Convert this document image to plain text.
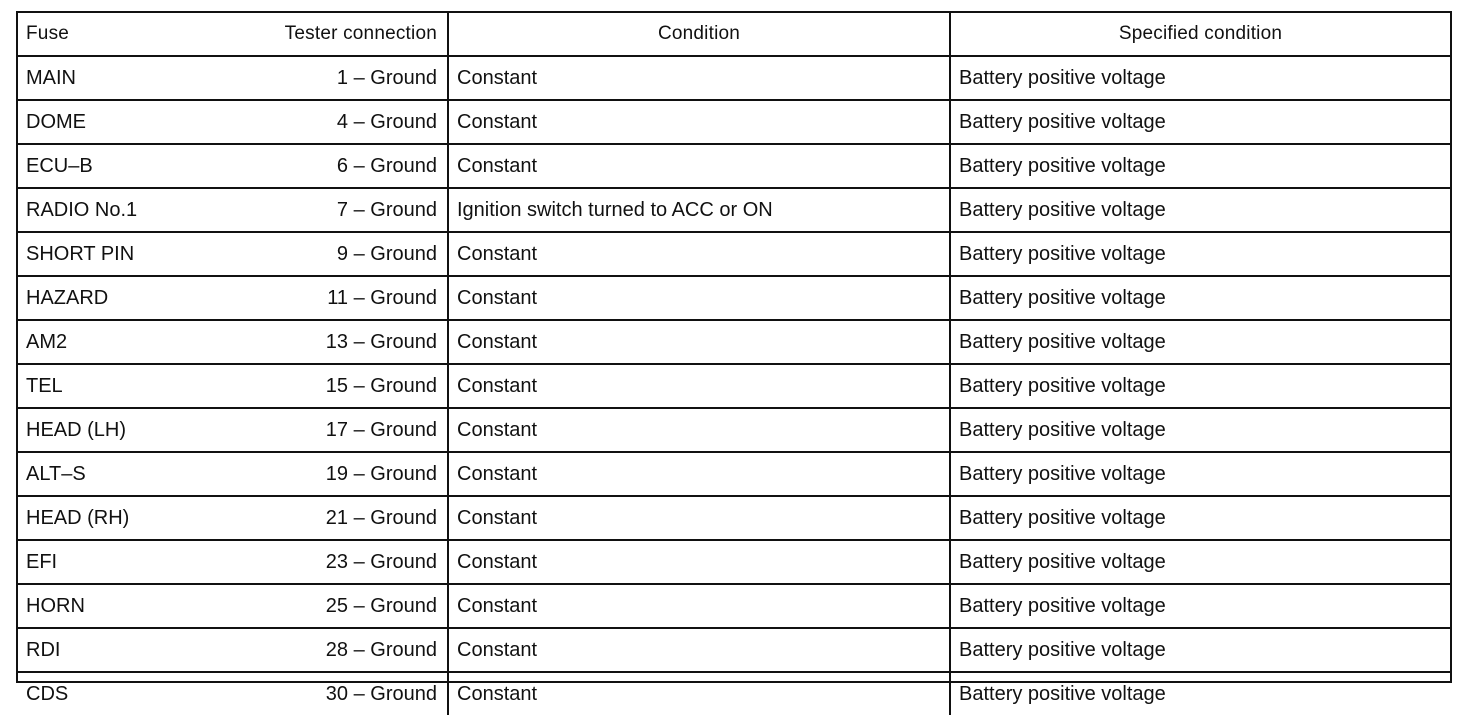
Fuse Tester connection	Condition	Specified condition

MAIN 1 – Ground	Constant	Battery positive voltage

DOME 4 – Ground	Constant	Battery positive voltage

ECU–B 6 – Ground	Constant	Battery positive voltage

RADIO No.1 7 – Ground	Ignition switch turned to ACC or ON	Battery positive voltage

SHORT PIN 9 – Ground	Constant	Battery positive voltage

HAZARD 11 – Ground	Constant	Battery positive voltage

AM2 13 – Ground	Constant	Battery positive voltage

TEL 15 – Ground	Constant	Battery positive voltage

HEAD (LH) 17 – Ground	Constant	Battery positive voltage

ALT–S 19 – Ground	Constant	Battery positive voltage

HEAD (RH) 21 – Ground	Constant	Battery positive voltage

EFI 23 – Ground	Constant	Battery positive voltage

HORN 25 – Ground	Constant	Battery positive voltage

RDI 28 – Ground	Constant	Battery positive voltage

CDS 30 – Ground	Constant	Battery positive voltage
